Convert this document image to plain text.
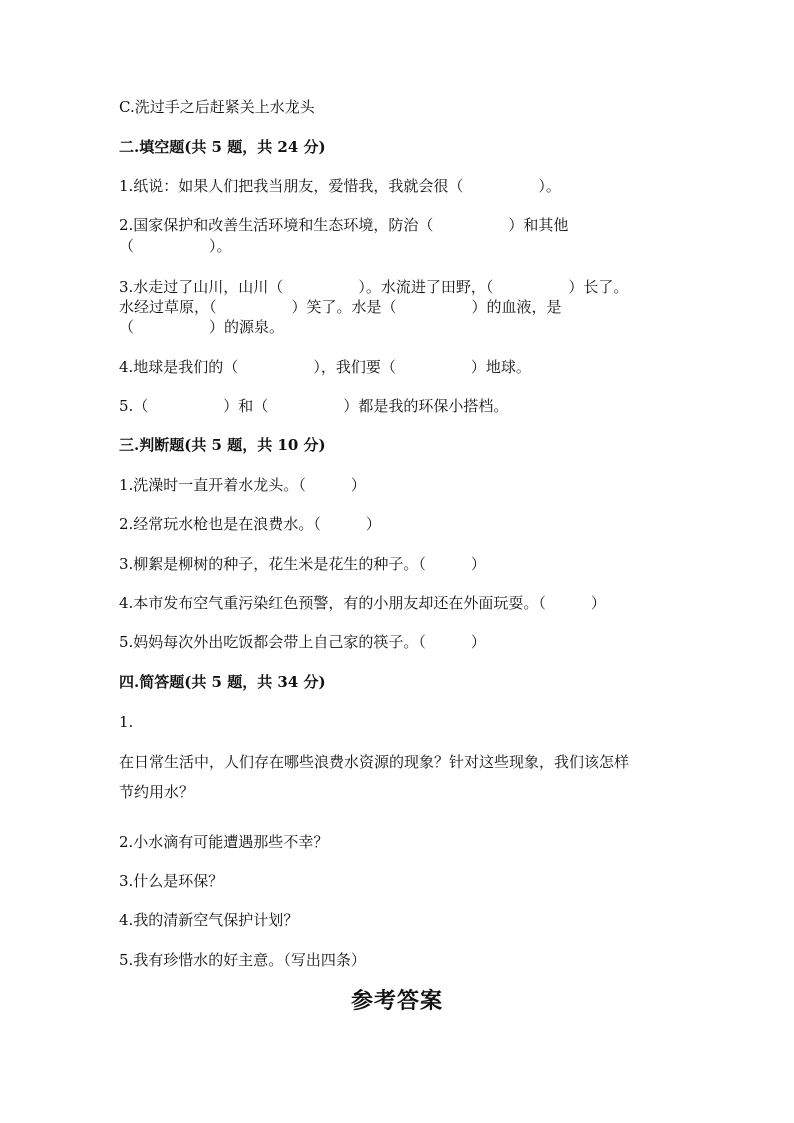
C.洗过手之后赶紧关上水龙头
二.填空题(共 5 题，共 24 分)
1.纸说：如果人们把我当朋友，爱惜我，我就会很（　　　　　）。
2.国家保护和改善生活环境和生态环境，防治（　　　　　）和其他
（　　　　　）。
3.水走过了山川，山川（　　　　　）。水流进了田野，（　　　　　）长了。
水经过草原，（　　　　　）笑了。水是（　　　　　）的血液，是
（　　　　　）的源泉。
4.地球是我们的（　　　　　），我们要（　　　　　）地球。
5.（　　　　　）和（　　　　　）都是我的环保小搭档。
三.判断题(共 5 题，共 10 分)
1.洗澡时一直开着水龙头。（　　　）
2.经常玩水枪也是在浪费水。（　　　）
3.柳絮是柳树的种子，花生米是花生的种子。（　　　）
4.本市发布空气重污染红色预警，有的小朋友却还在外面玩耍。（　　　）
5.妈妈每次外出吃饭都会带上自己家的筷子。（　　　）
四.简答题(共 5 题，共 34 分)
1.
在日常生活中，人们存在哪些浪费水资源的现象？针对这些现象，我们该怎样
节约用水？
2.小水滴有可能遭遇那些不幸？
3.什么是环保？
4.我的清新空气保护计划？
5.我有珍惜水的好主意。（写出四条）
参考答案
